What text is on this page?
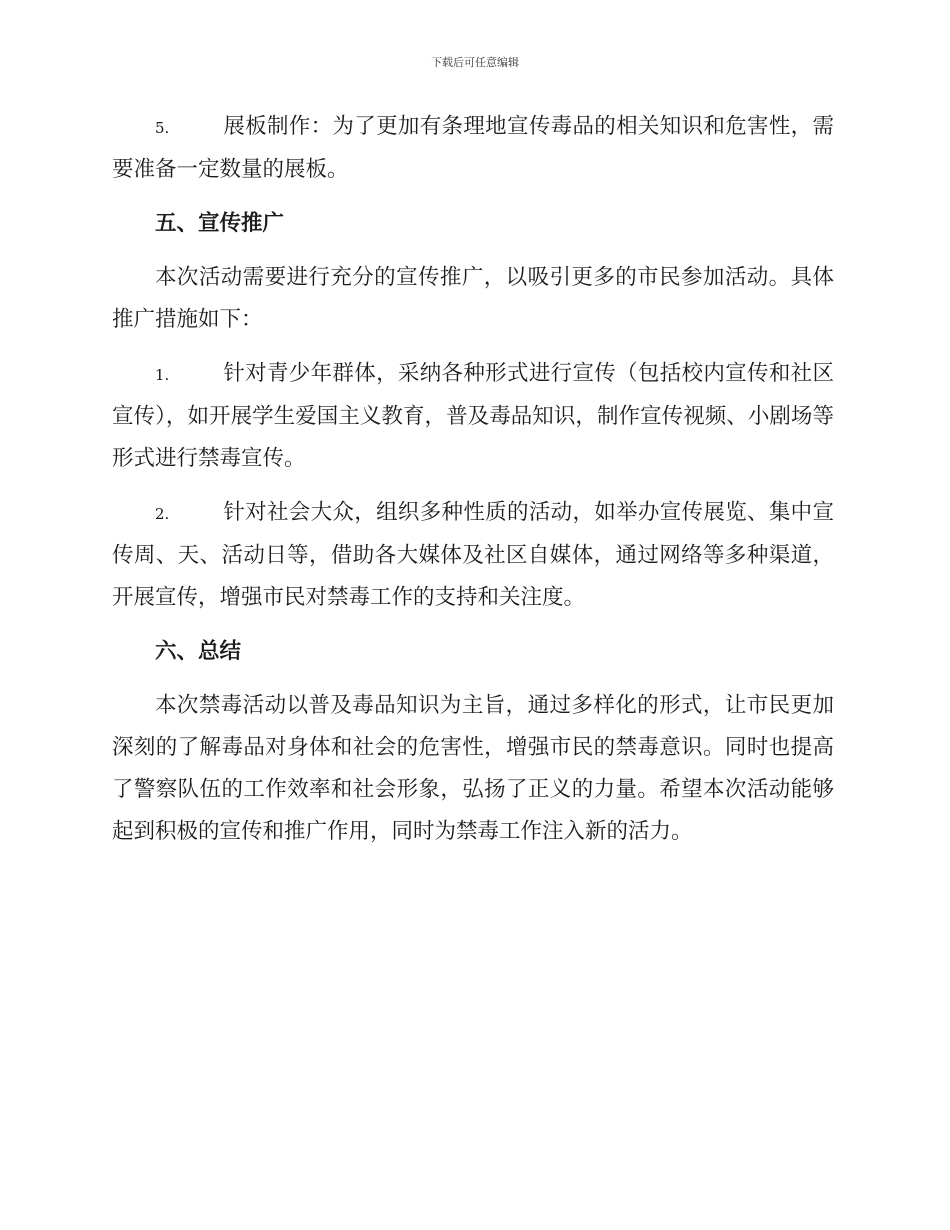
下载后可任意编辑

5. 展板制作：为了更加有条理地宣传毒品的相关知识和危害性，需要准备一定数量的展板。

五、宣传推广

本次活动需要进行充分的宣传推广，以吸引更多的市民参加活动。具体推广措施如下：

1. 针对青少年群体，采纳各种形式进行宣传（包括校内宣传和社区宣传），如开展学生爱国主义教育，普及毒品知识，制作宣传视频、小剧场等形式进行禁毒宣传。

2. 针对社会大众，组织多种性质的活动，如举办宣传展览、集中宣传周、天、活动日等，借助各大媒体及社区自媒体，通过网络等多种渠道，开展宣传，增强市民对禁毒工作的支持和关注度。

六、总结

本次禁毒活动以普及毒品知识为主旨，通过多样化的形式，让市民更加深刻的了解毒品对身体和社会的危害性，增强市民的禁毒意识。同时也提高了警察队伍的工作效率和社会形象，弘扬了正义的力量。希望本次活动能够起到积极的宣传和推广作用，同时为禁毒工作注入新的活力。
